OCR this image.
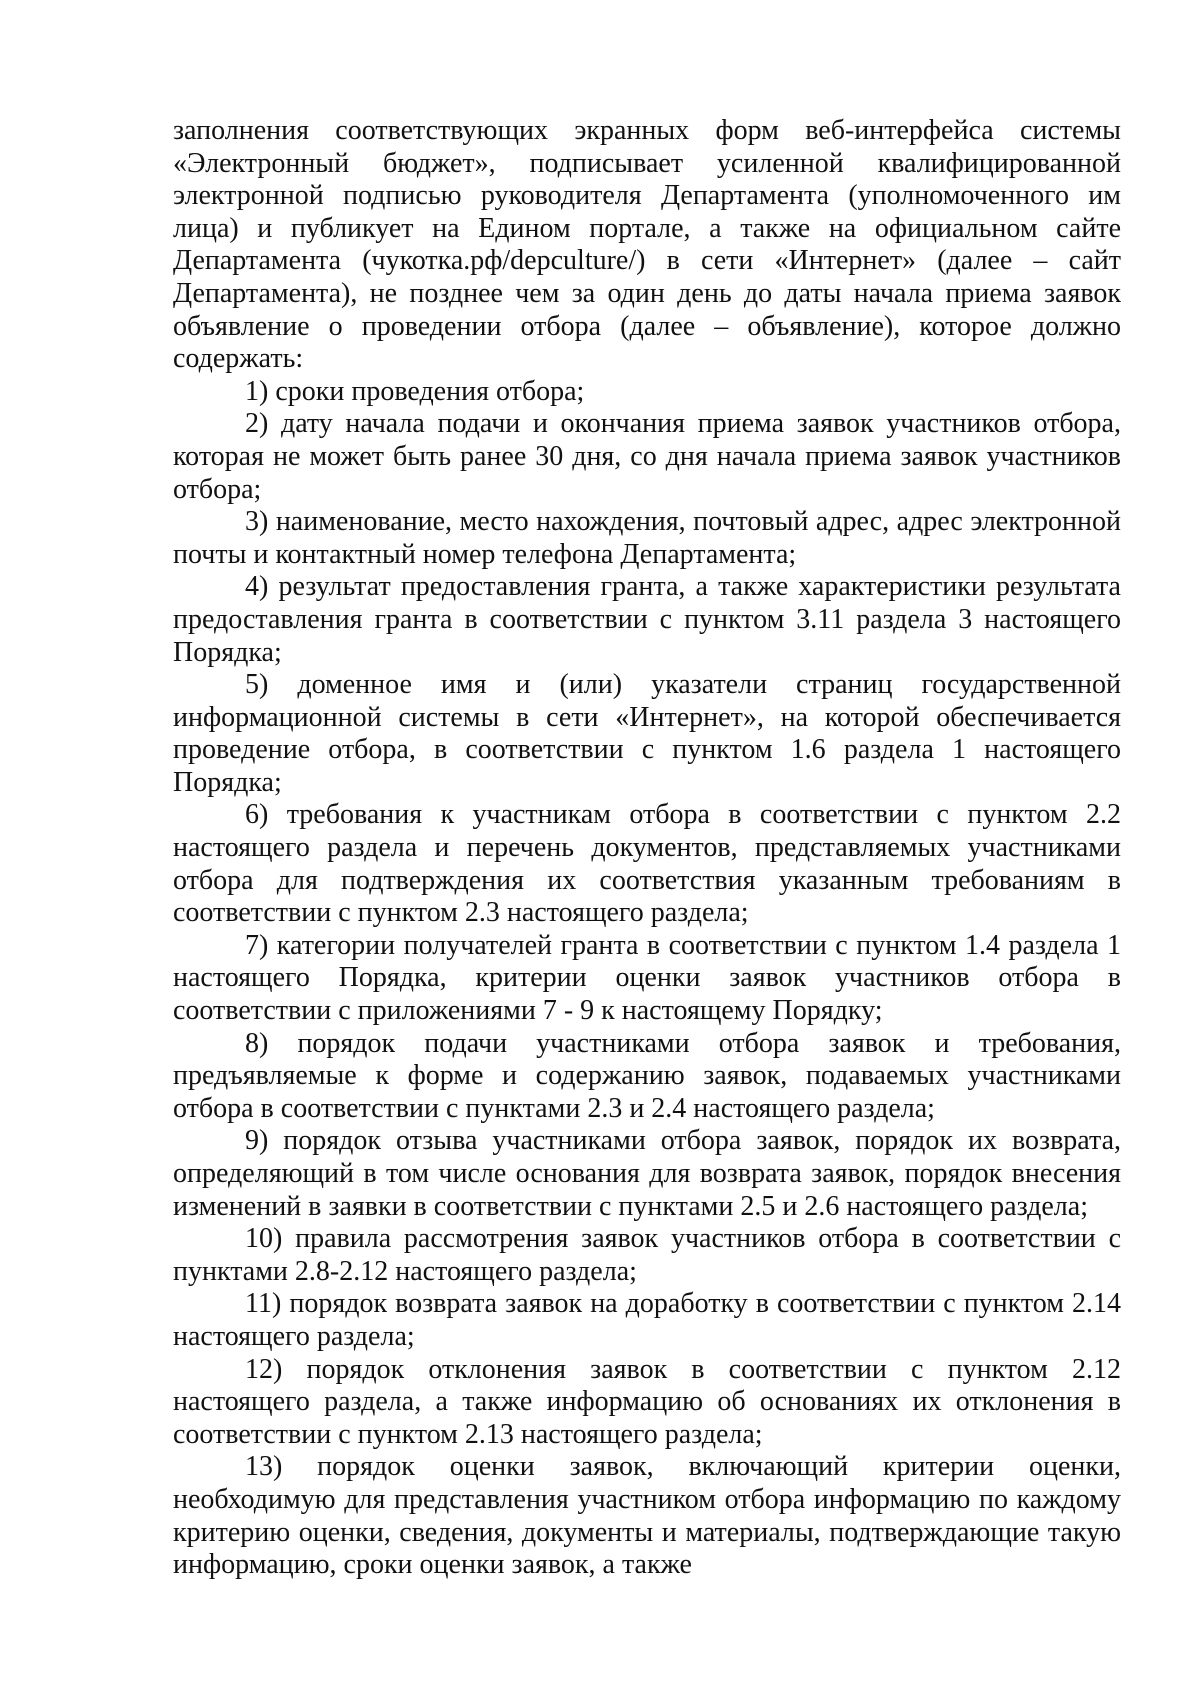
заполнения соответствующих экранных форм веб-интерфейса системы «Электронный бюджет», подписывает усиленной квалифицированной электронной подписью руководителя Департамента (уполномоченного им лица) и публикует на Едином портале, а также на официальном сайте Департамента (чукотка.рф/depculture/) в сети «Интернет» (далее – сайт Департамента), не позднее чем за один день до даты начала приема заявок объявление о проведении отбора (далее – объявление), которое должно содержать:

1) сроки проведения отбора;

2) дату начала подачи и окончания приема заявок участников отбора, которая не может быть ранее 30 дня, со дня начала приема заявок участников отбора;

3) наименование, место нахождения, почтовый адрес, адрес электронной почты и контактный номер телефона Департамента;

4) результат предоставления гранта, а также характеристики результата предоставления гранта в соответствии с пунктом 3.11 раздела 3 настоящего Порядка;

5) доменное имя и (или) указатели страниц государственной информационной системы в сети «Интернет», на которой обеспечивается проведение отбора, в соответствии с пунктом 1.6 раздела 1 настоящего Порядка;

6) требования к участникам отбора в соответствии с пунктом 2.2 настоящего раздела и перечень документов, представляемых участниками отбора для подтверждения их соответствия указанным требованиям в соответствии с пунктом 2.3 настоящего раздела;

7) категории получателей гранта в соответствии с пунктом 1.4 раздела 1 настоящего Порядка, критерии оценки заявок участников отбора в соответствии с приложениями 7 - 9 к настоящему Порядку;

8) порядок подачи участниками отбора заявок и требования, предъявляемые к форме и содержанию заявок, подаваемых участниками отбора в соответствии с пунктами 2.3 и 2.4 настоящего раздела;

9) порядок отзыва участниками отбора заявок, порядок их возврата, определяющий в том числе основания для возврата заявок, порядок внесения изменений в заявки в соответствии с пунктами 2.5 и 2.6 настоящего раздела;

10) правила рассмотрения заявок участников отбора в соответствии с пунктами 2.8-2.12 настоящего раздела;

11) порядок возврата заявок на доработку в соответствии с пунктом 2.14 настоящего раздела;

12) порядок отклонения заявок в соответствии с пунктом 2.12 настоящего раздела, а также информацию об основаниях их отклонения в соответствии с пунктом 2.13 настоящего раздела;

13) порядок оценки заявок, включающий критерии оценки, необходимую для представления участником отбора информацию по каждому критерию оценки, сведения, документы и материалы, подтверждающие такую информацию, сроки оценки заявок, а также
